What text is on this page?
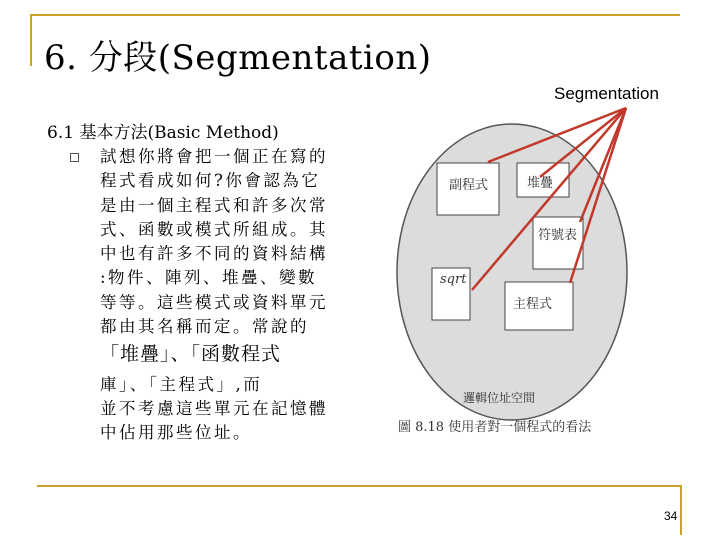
6. 分段(Segmentation)
Segmentation
6.1 基本方法(Basic Method)
試想你將會把一個正在寫的
程式看成如何?你會認為它
是由一個主程式和許多次常
式、函數或模式所組成。其
中也有許多不同的資料結構
:物件、陣列、堆疊、變數
等等。這些模式或資料單元
都由其名稱而定。常說的
「堆疊」、「函數程式
庫」、「主程式」,而
並不考慮這些單元在記憶體
中佔用那些位址。
副程式	堆疊
符號表
sqrt
主程式
邏輯位址空間
圖 8.18 使用者對一個程式的看法
34
